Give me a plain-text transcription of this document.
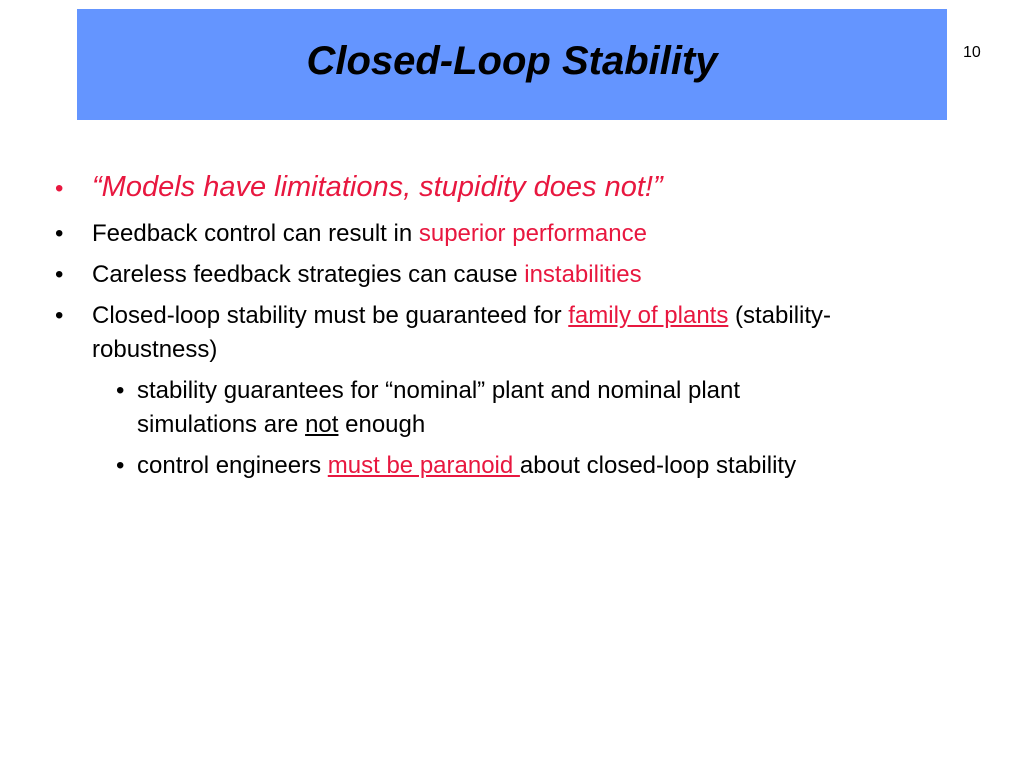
Closed-Loop Stability	10
• “Models have limitations, stupidity does not!”
• Feedback control can result in superior performance
• Careless feedback strategies can cause instabilities
• Closed-loop stability must be guaranteed for family of plants (stability-
robustness)
• stability guarantees for “nominal” plant and nominal plant
simulations are not enough
• control engineers must be paranoid about closed-loop stability
